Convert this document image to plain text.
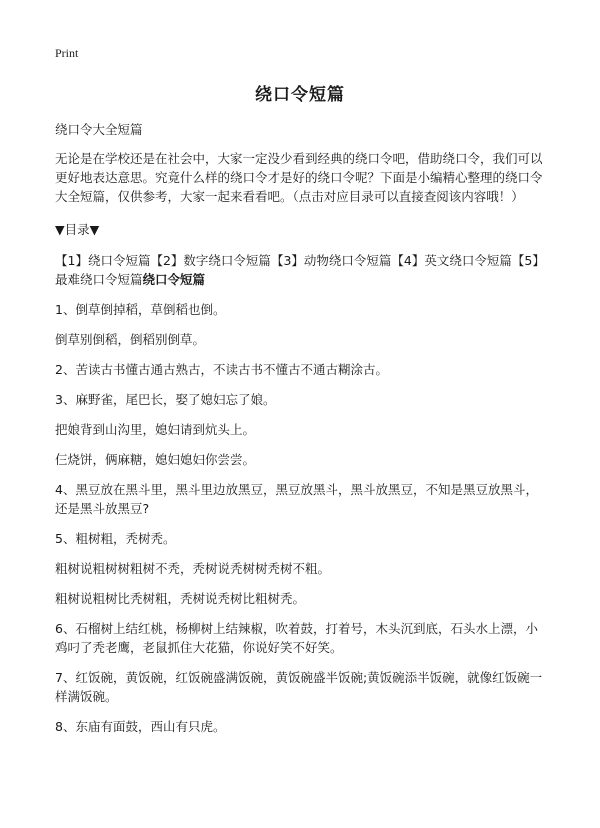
Print
绕口令短篇

绕口令大全短篇

无论是在学校还是在社会中，大家一定没少看到经典的绕口令吧，借助绕口令，我们可以更好地表达意思。究竟什么样的绕口令才是好的绕口令呢？下面是小编精心整理的绕口令大全短篇，仅供参考，大家一起来看看吧。（点击对应目录可以直接查阅该内容哦！）

▼目录▼

【1】绕口令短篇【2】数字绕口令短篇【3】动物绕口令短篇【4】英文绕口令短篇【5】最难绕口令短篇绕口令短篇

1、倒草倒掉稻，草倒稻也倒。

倒草别倒稻，倒稻别倒草。

2、苦读古书懂古通古熟古，不读古书不懂古不通古糊涂古。

3、麻野雀，尾巴长，娶了媳妇忘了娘。

把娘背到山沟里，媳妇请到炕头上。

仨烧饼，俩麻糖，媳妇媳妇你尝尝。

4、黑豆放在黑斗里，黑斗里边放黑豆，黑豆放黑斗，黑斗放黑豆，不知是黑豆放黑斗，还是黑斗放黑豆?

5、粗树粗，秃树秃。

粗树说粗树树粗树不秃，秃树说秃树树秃树不粗。

粗树说粗树比秃树粗，秃树说秃树比粗树秃。

6、石榴树上结红桃，杨柳树上结辣椒，吹着鼓，打着号，木头沉到底，石头水上漂，小鸡叼了秃老鹰，老鼠抓住大花猫，你说好笑不好笑。

7、红饭碗，黄饭碗，红饭碗盛满饭碗，黄饭碗盛半饭碗;黄饭碗添半饭碗，就像红饭碗一样满饭碗。

8、东庙有面鼓，西山有只虎。
